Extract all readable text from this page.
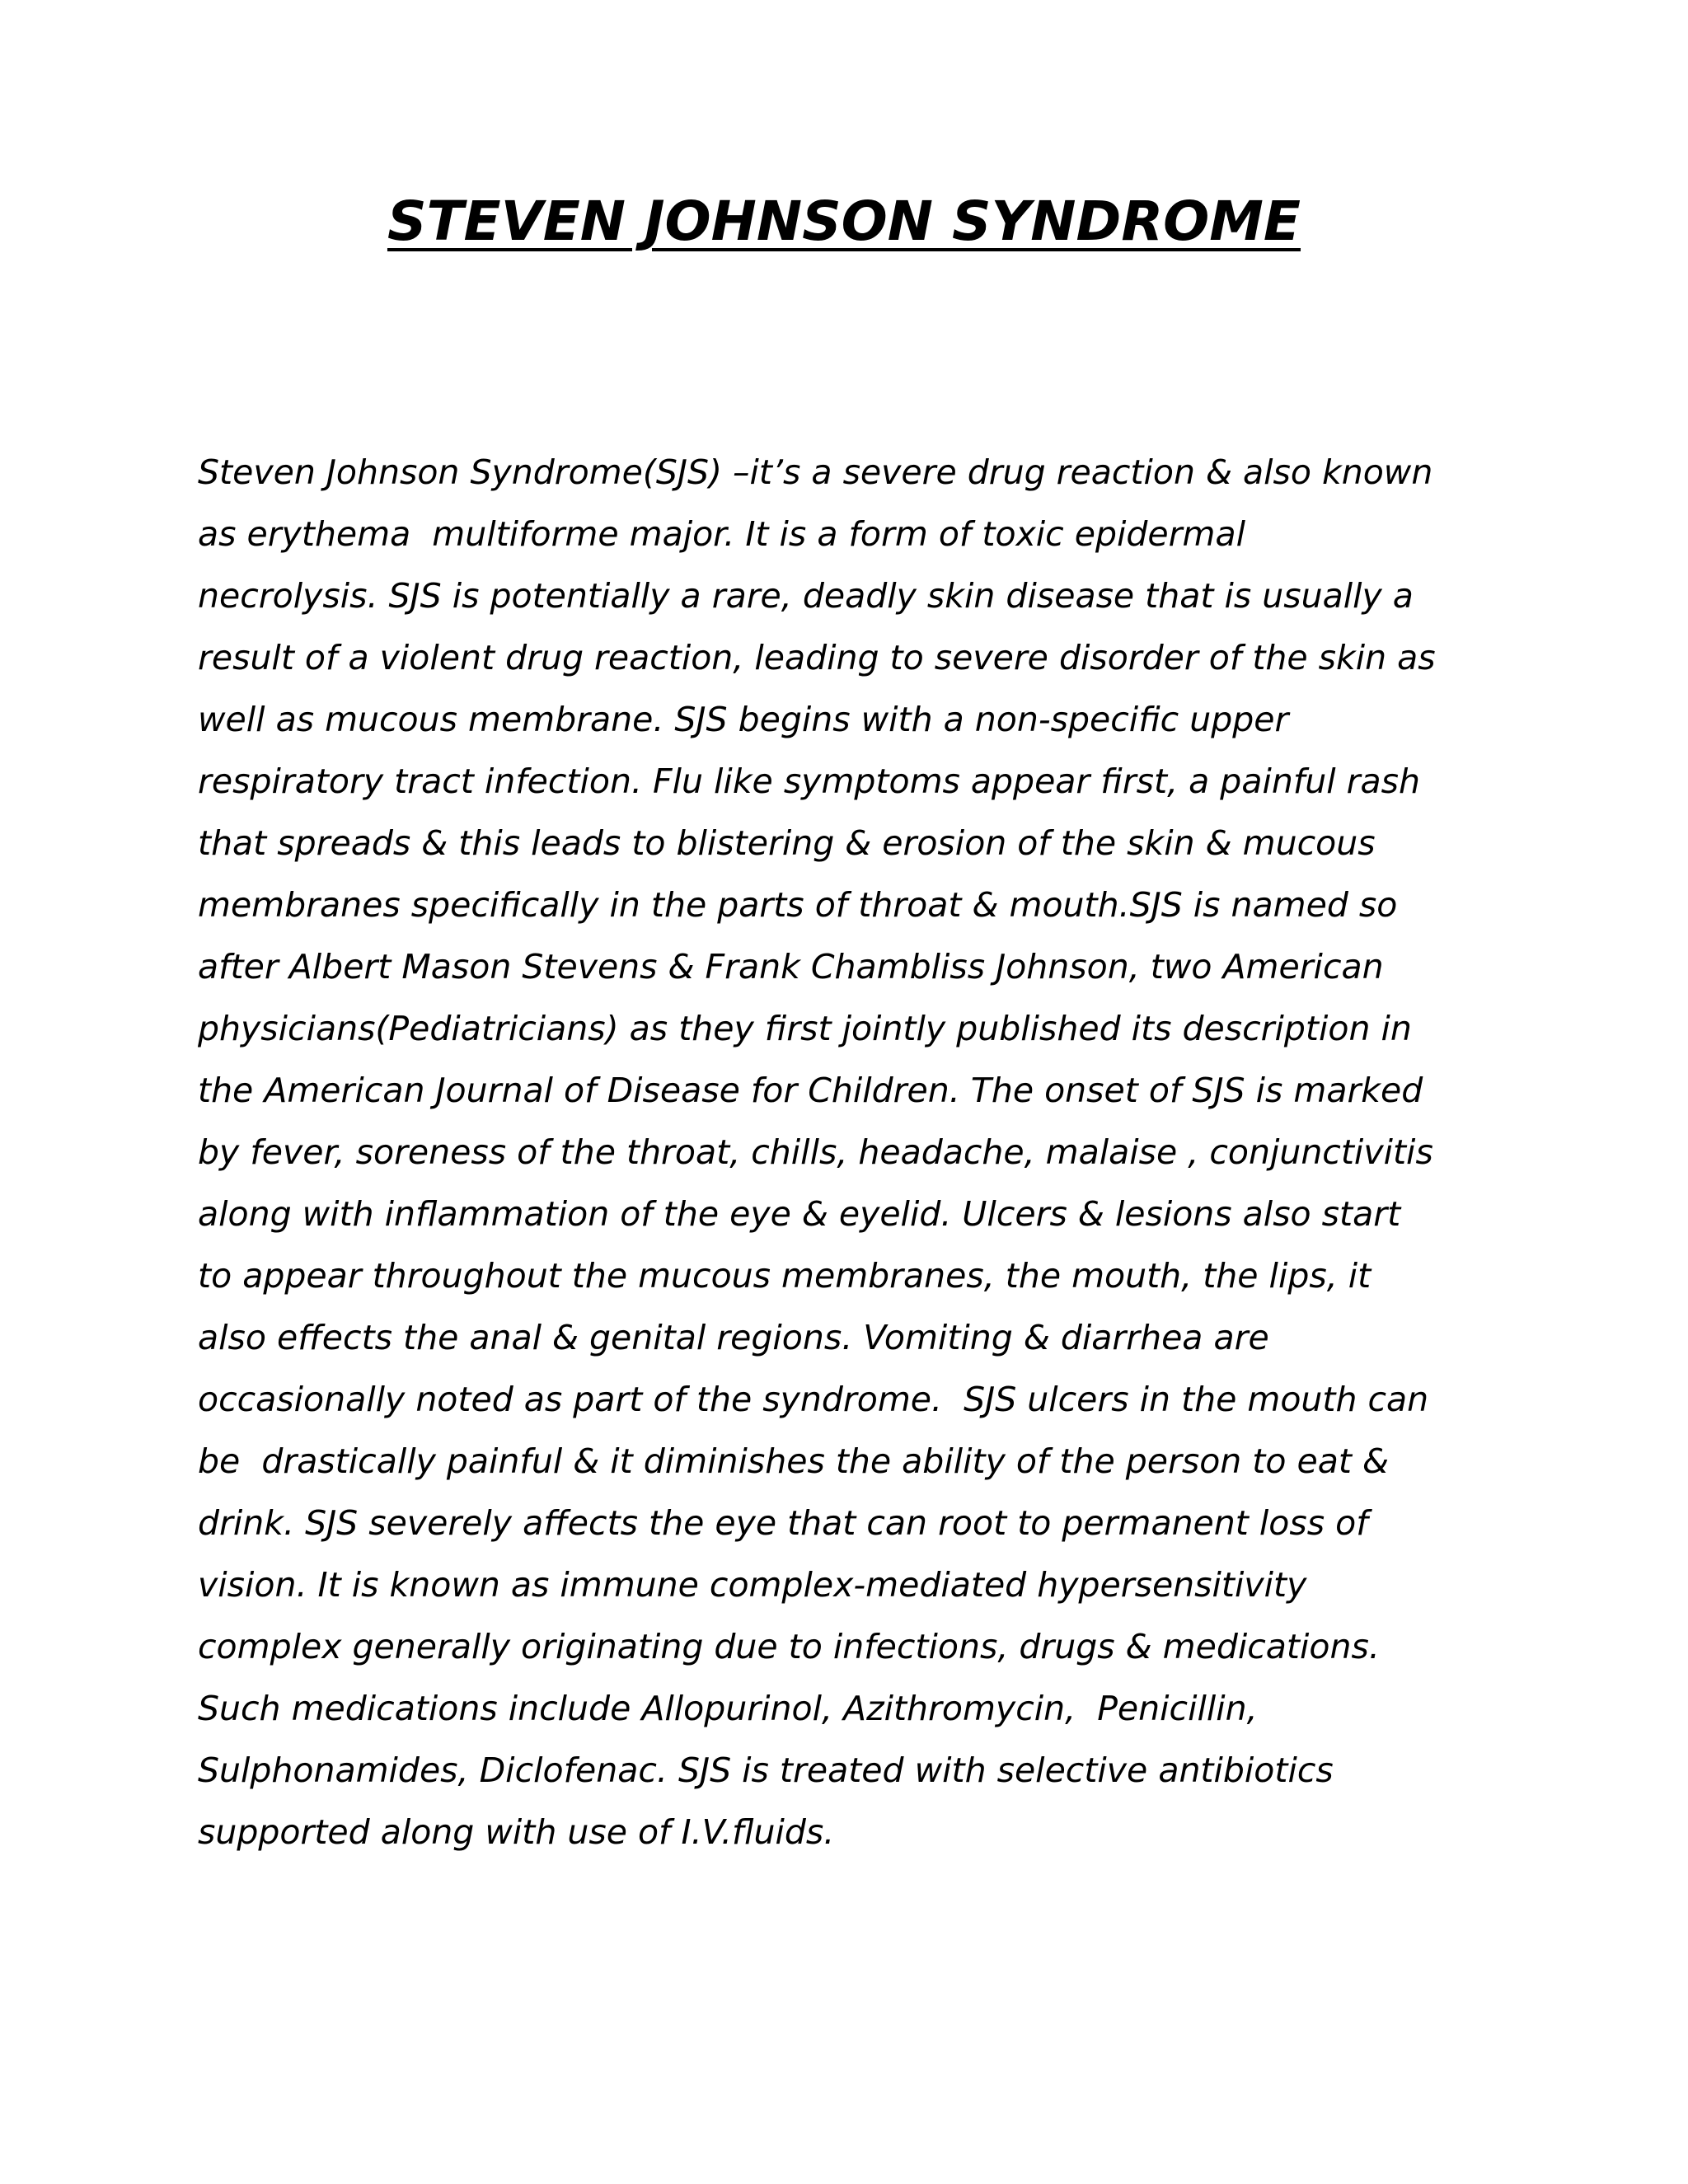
STEVEN JOHNSON SYNDROME
Steven Johnson Syndrome(SJS) –it’s a severe drug reaction & also known
as erythema  multiforme major. It is a form of toxic epidermal
necrolysis. SJS is potentially a rare, deadly skin disease that is usually a
result of a violent drug reaction, leading to severe disorder of the skin as
well as mucous membrane. SJS begins with a non-specific upper
respiratory tract infection. Flu like symptoms appear first, a painful rash
that spreads & this leads to blistering & erosion of the skin & mucous
membranes specifically in the parts of throat & mouth.SJS is named so
after Albert Mason Stevens & Frank Chambliss Johnson, two American
physicians(Pediatricians) as they first jointly published its description in
the American Journal of Disease for Children. The onset of SJS is marked
by fever, soreness of the throat, chills, headache, malaise , conjunctivitis
along with inflammation of the eye & eyelid. Ulcers & lesions also start
to appear throughout the mucous membranes, the mouth, the lips, it
also effects the anal & genital regions. Vomiting & diarrhea are
occasionally noted as part of the syndrome.  SJS ulcers in the mouth can
be  drastically painful & it diminishes the ability of the person to eat &
drink. SJS severely affects the eye that can root to permanent loss of
vision. It is known as immune complex-mediated hypersensitivity
complex generally originating due to infections, drugs & medications.
Such medications include Allopurinol, Azithromycin,  Penicillin,
Sulphonamides, Diclofenac. SJS is treated with selective antibiotics
supported along with use of I.V.fluids.
